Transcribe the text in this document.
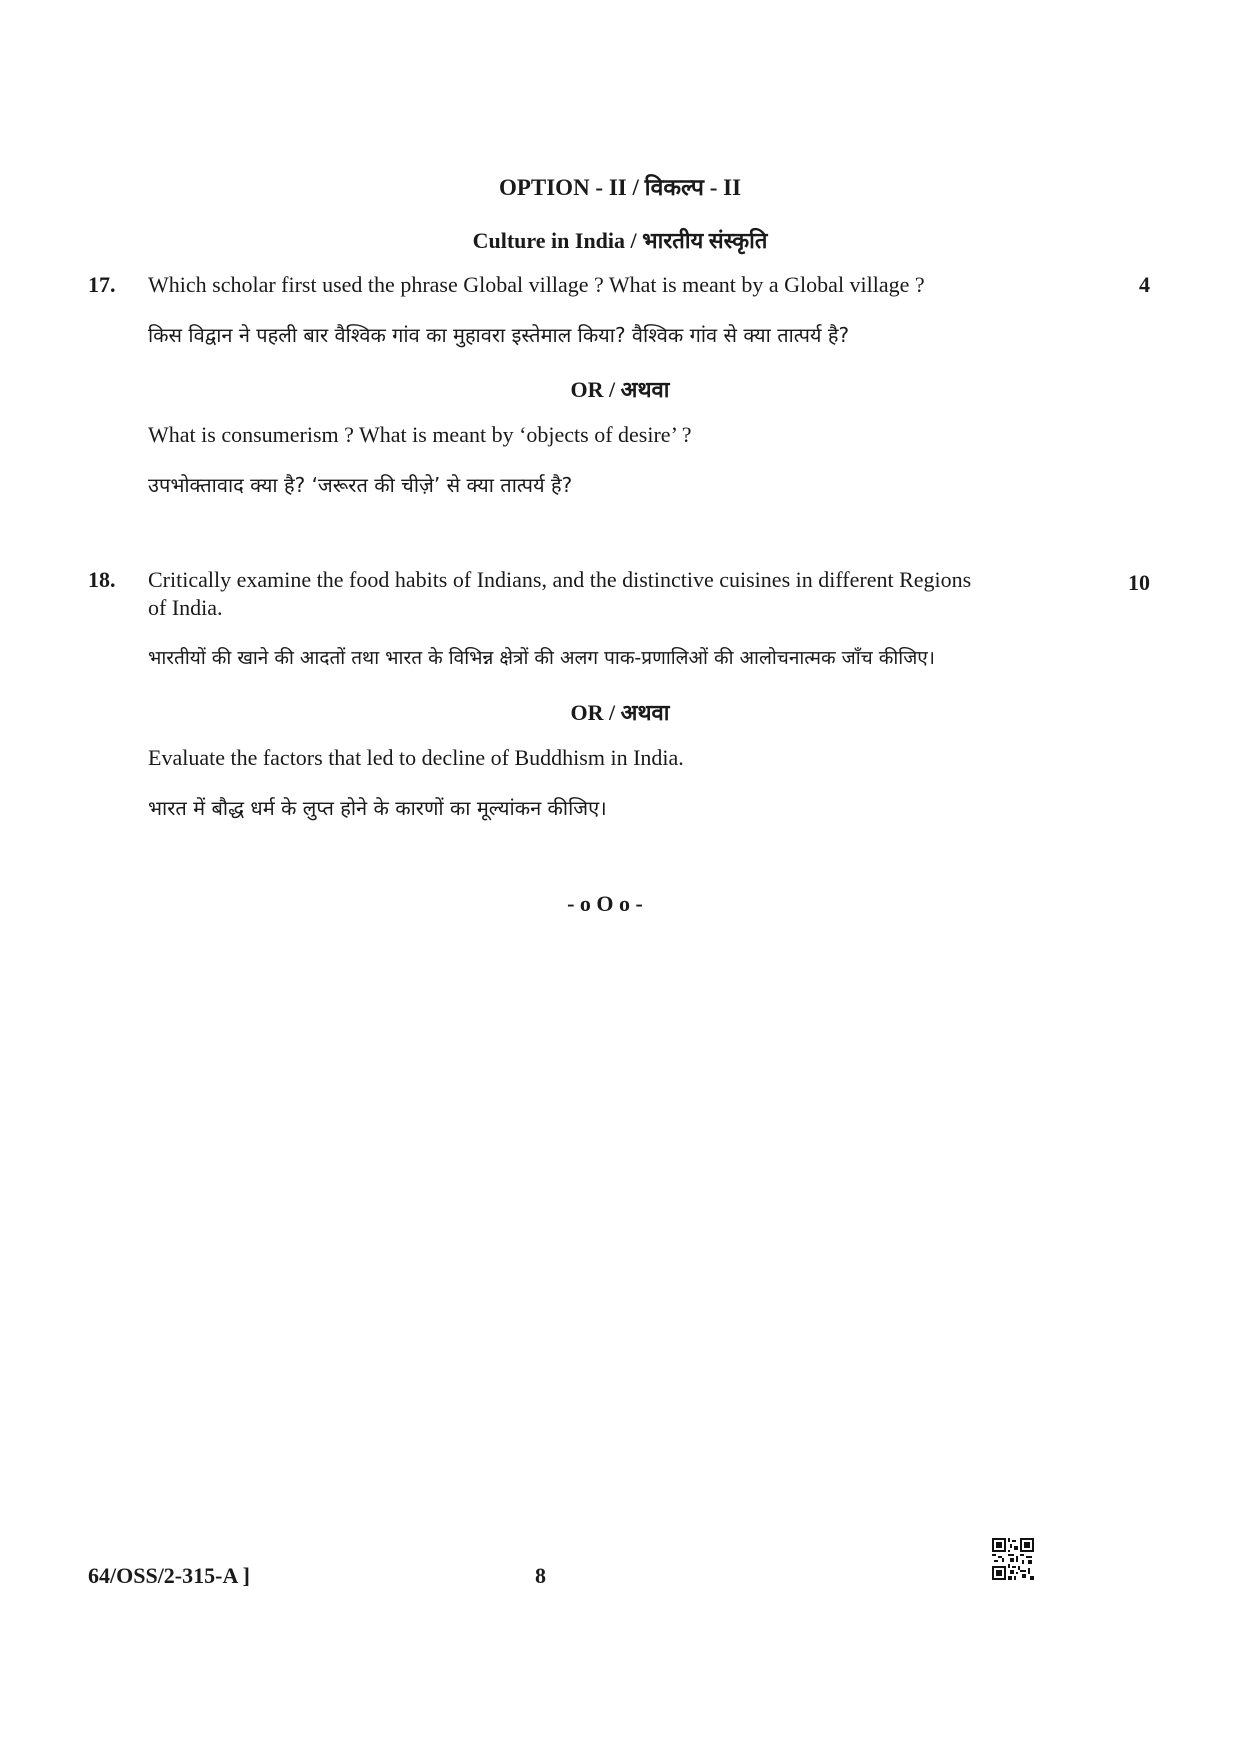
OPTION - II / विकल्प - II
Culture in India / भारतीय संस्कृति
17.	4
Which scholar first used the phrase Global village ? What is meant by a Global village ?
किस विद्वान ने पहली बार वैश्विक गांव का मुहावरा इस्तेमाल किया? वैश्विक गांव से क्या तात्पर्य है?
OR / अथवा
What is consumerism ? What is meant by ‘objects of desire’ ?
उपभोक्तावाद क्या है? ‘जरूरत की चीज़े’ से क्या तात्पर्य है?
18.	10
Critically examine the food habits of Indians, and the distinctive cuisines in different Regions
of India.
भारतीयों की खाने की आदतों तथा भारत के विभिन्न क्षेत्रों की अलग पाक-प्रणालिओं की आलोचनात्मक जाँच कीजिए।
OR / अथवा
Evaluate the factors that led to decline of Buddhism in India.
भारत में बौद्ध धर्म के लुप्त होने के कारणों का मूल्यांकन कीजिए।
- o O o -
64/OSS/2-315-A ]	8
